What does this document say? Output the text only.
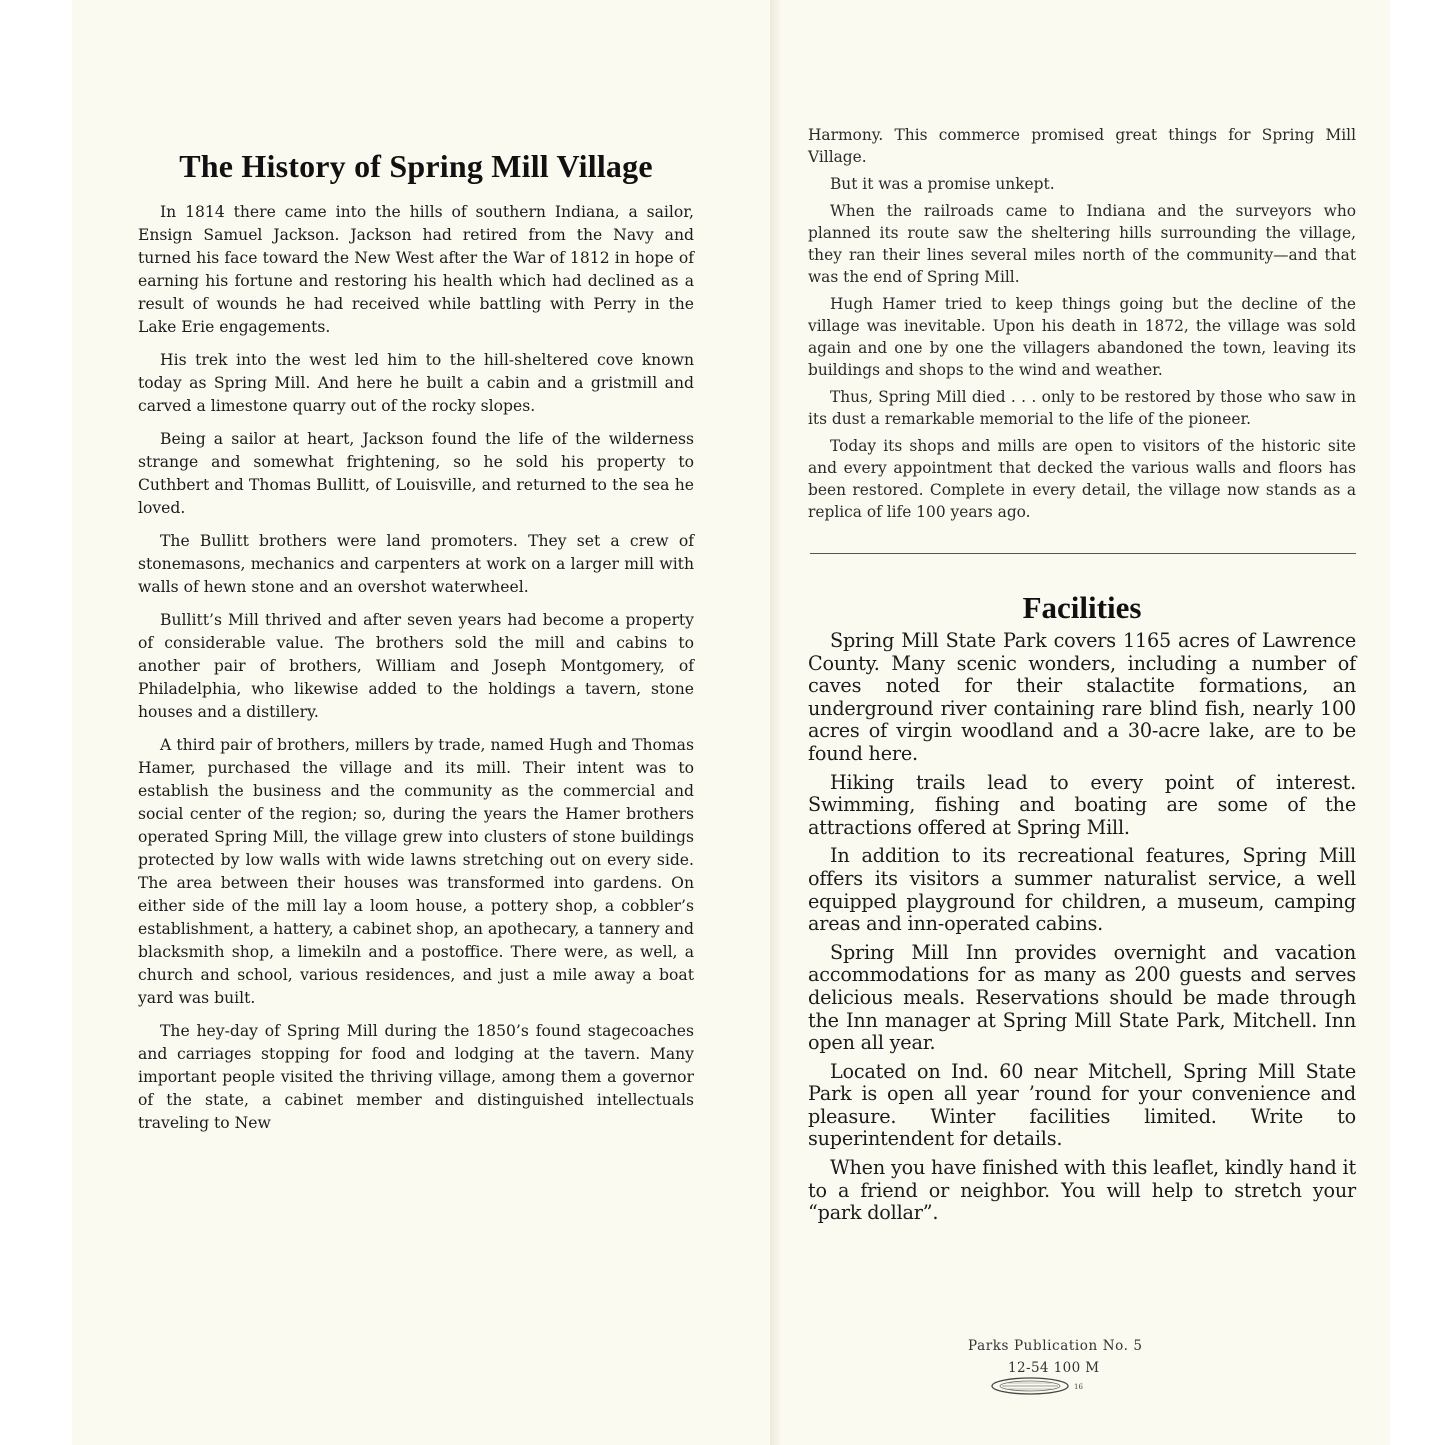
The History of Spring Mill Village

In 1814 there came into the hills of southern Indiana, a sailor, Ensign Samuel Jackson. Jackson had retired from the Navy and turned his face toward the New West after the War of 1812 in hope of earning his fortune and restoring his health which had declined as a result of wounds he had received while battling with Perry in the Lake Erie engagements.

His trek into the west led him to the hill-sheltered cove known today as Spring Mill. And here he built a cabin and a gristmill and carved a limestone quarry out of the rocky slopes.

Being a sailor at heart, Jackson found the life of the wilderness strange and somewhat frightening, so he sold his property to Cuthbert and Thomas Bullitt, of Louisville, and returned to the sea he loved.

The Bullitt brothers were land promoters. They set a crew of stonemasons, mechanics and carpenters at work on a larger mill with walls of hewn stone and an overshot waterwheel.

Bullitt’s Mill thrived and after seven years had become a property of considerable value. The brothers sold the mill and cabins to another pair of brothers, William and Joseph Montgomery, of Philadelphia, who likewise added to the holdings a tavern, stone houses and a distillery.

A third pair of brothers, millers by trade, named Hugh and Thomas Hamer, purchased the village and its mill. Their intent was to establish the business and the community as the commercial and social center of the region; so, during the years the Hamer brothers operated Spring Mill, the village grew into clusters of stone buildings protected by low walls with wide lawns stretching out on every side. The area between their houses was transformed into gardens. On either side of the mill lay a loom house, a pottery shop, a cobbler’s establishment, a hattery, a cabinet shop, an apothecary, a tannery and blacksmith shop, a limekiln and a postoffice. There were, as well, a church and school, various residences, and just a mile away a boat yard was built.

The hey-day of Spring Mill during the 1850’s found stagecoaches and carriages stopping for food and lodging at the tavern. Many important people visited the thriving village, among them a governor of the state, a cabinet member and distinguished intellectuals traveling to New

Harmony. This commerce promised great things for Spring Mill Village.

But it was a promise unkept.

When the railroads came to Indiana and the surveyors who planned its route saw the sheltering hills surrounding the village, they ran their lines several miles north of the community—and that was the end of Spring Mill.

Hugh Hamer tried to keep things going but the decline of the village was inevitable. Upon his death in 1872, the village was sold again and one by one the villagers abandoned the town, leaving its buildings and shops to the wind and weather.

Thus, Spring Mill died . . . only to be restored by those who saw in its dust a remarkable memorial to the life of the pioneer.

Today its shops and mills are open to visitors of the historic site and every appointment that decked the various walls and floors has been restored. Complete in every detail, the village now stands as a replica of life 100 years ago.

Facilities

Spring Mill State Park covers 1165 acres of Lawrence County. Many scenic wonders, including a number of caves noted for their stalactite formations, an underground river containing rare blind fish, nearly 100 acres of virgin woodland and a 30-acre lake, are to be found here.

Hiking trails lead to every point of interest. Swimming, fishing and boating are some of the attractions offered at Spring Mill.

In addition to its recreational features, Spring Mill offers its visitors a summer naturalist service, a well equipped playground for children, a museum, camping areas and inn-operated cabins.

Spring Mill Inn provides overnight and vacation accommodations for as many as 200 guests and serves delicious meals. Reservations should be made through the Inn manager at Spring Mill State Park, Mitchell. Inn open all year.

Located on Ind. 60 near Mitchell, Spring Mill State Park is open all year ’round for your convenience and pleasure. Winter facilities limited. Write to superintendent for details.

When you have finished with this leaflet, kindly hand it to a friend or neighbor. You will help to stretch your “park dollar”.

Parks Publication No. 5
12-54 100 M
16
